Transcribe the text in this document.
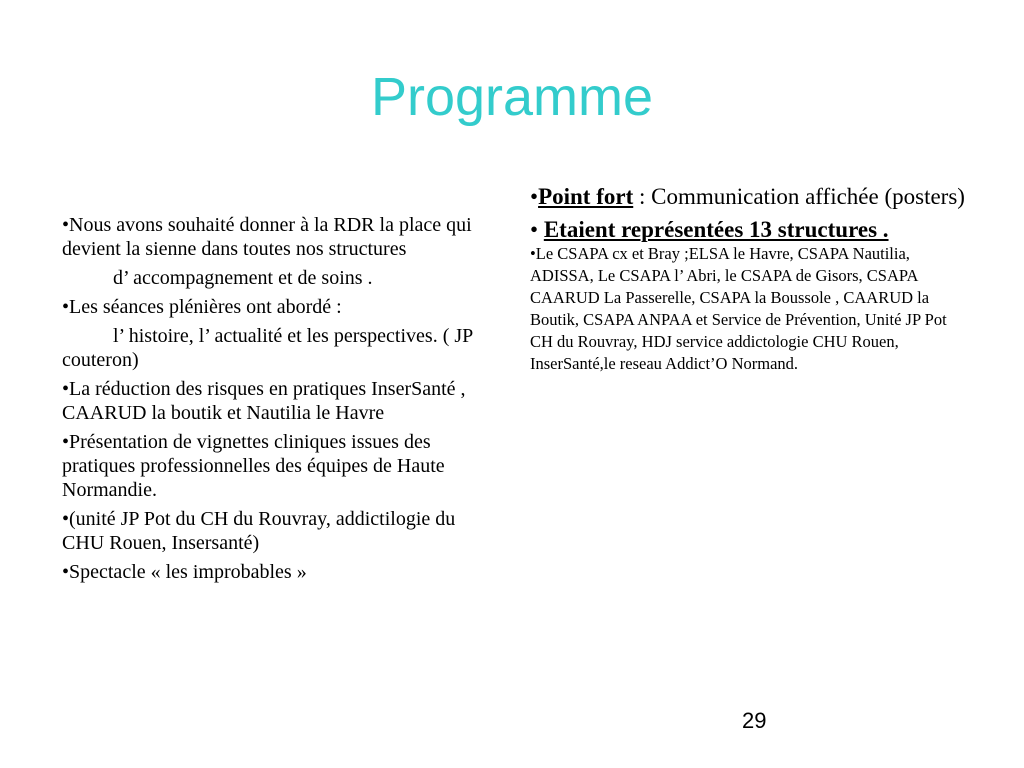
Programme

•Nous avons souhaité donner à la RDR la place qui devient la sienne dans toutes nos structures

d’ accompagnement et de soins .

•Les séances plénières ont abordé :

l’ histoire, l’ actualité et les perspectives. ( JP couteron)

•La réduction des risques en pratiques InserSanté , CAARUD la boutik et Nautilia le Havre

•Présentation de vignettes cliniques issues des pratiques professionnelles des équipes de Haute Normandie.

•(unité JP Pot du CH du Rouvray, addictilogie du CHU Rouen, Insersanté)

•Spectacle « les improbables »

•Point fort : Communication affichée (posters)

• Etaient représentées 13 structures .

•Le CSAPA cx et Bray ;ELSA le Havre, CSAPA Nautilia, ADISSA, Le CSAPA l’ Abri, le CSAPA de Gisors, CSAPA CAARUD La Passerelle, CSAPA la Boussole , CAARUD la Boutik, CSAPA ANPAA et Service de Prévention, Unité JP Pot CH du Rouvray, HDJ service addictologie CHU Rouen, InserSanté,le reseau Addict’O Normand.

29
